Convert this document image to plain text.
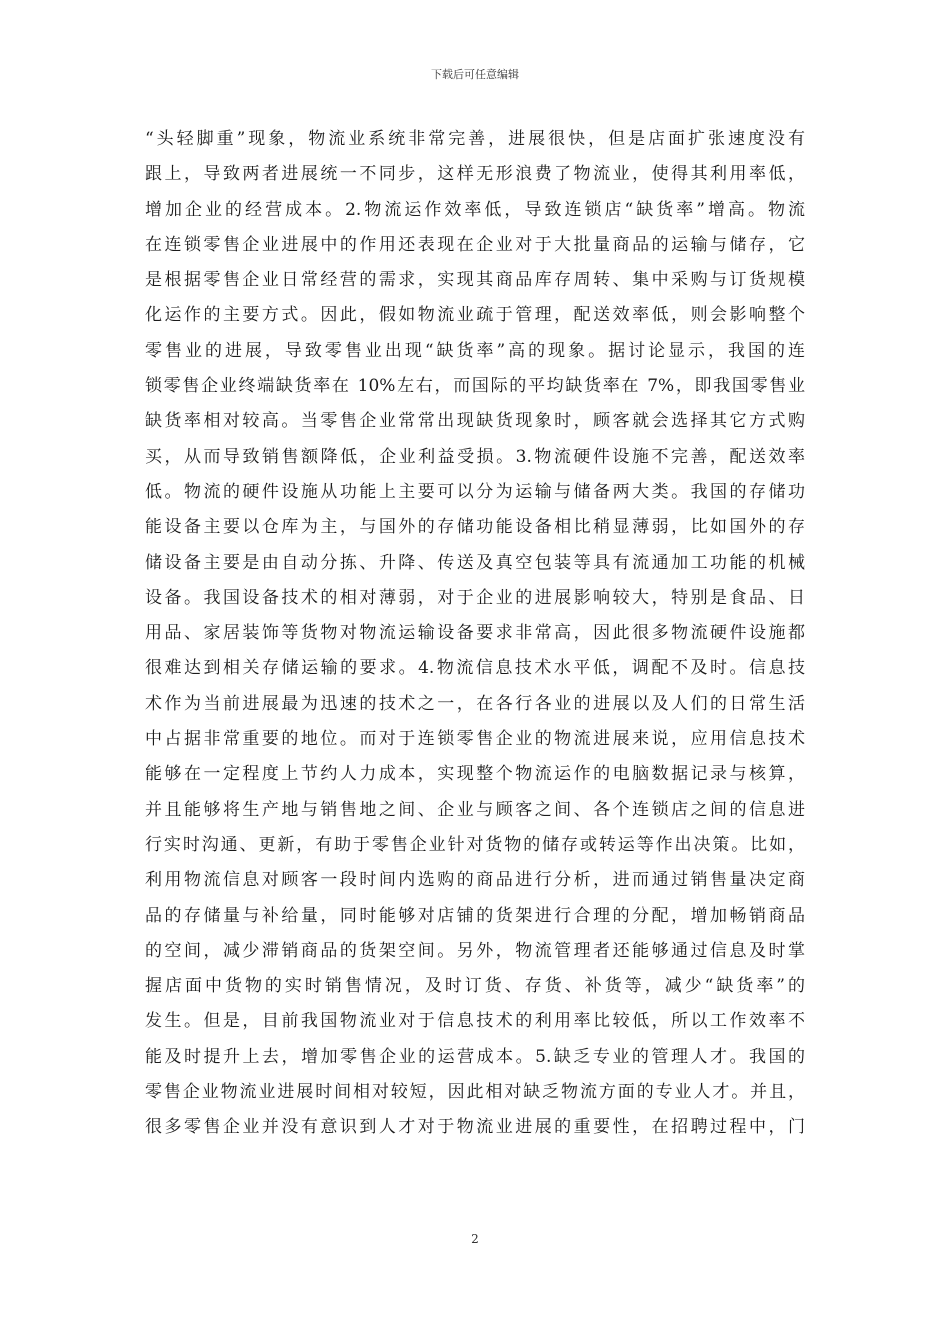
下载后可任意编辑
“头轻脚重”现象，物流业系统非常完善，进展很快，但是店面扩张速度没有
跟上，导致两者进展统一不同步，这样无形浪费了物流业，使得其利用率低，
增加企业的经营成本。2.物流运作效率低，导致连锁店“缺货率”增高。物流
在连锁零售企业进展中的作用还表现在企业对于大批量商品的运输与储存，它
是根据零售企业日常经营的需求，实现其商品库存周转、集中采购与订货规模
化运作的主要方式。因此，假如物流业疏于管理，配送效率低，则会影响整个
零售业的进展，导致零售业出现“缺货率”高的现象。据讨论显示，我国的连
锁零售企业终端缺货率在 10%左右，而国际的平均缺货率在 7%，即我国零售业
缺货率相对较高。当零售企业常常出现缺货现象时，顾客就会选择其它方式购
买，从而导致销售额降低，企业利益受损。3.物流硬件设施不完善，配送效率
低。物流的硬件设施从功能上主要可以分为运输与储备两大类。我国的存储功
能设备主要以仓库为主，与国外的存储功能设备相比稍显薄弱，比如国外的存
储设备主要是由自动分拣、升降、传送及真空包装等具有流通加工功能的机械
设备。我国设备技术的相对薄弱，对于企业的进展影响较大，特别是食品、日
用品、家居装饰等货物对物流运输设备要求非常高，因此很多物流硬件设施都
很难达到相关存储运输的要求。4.物流信息技术水平低，调配不及时。信息技
术作为当前进展最为迅速的技术之一，在各行各业的进展以及人们的日常生活
中占据非常重要的地位。而对于连锁零售企业的物流进展来说，应用信息技术
能够在一定程度上节约人力成本，实现整个物流运作的电脑数据记录与核算，
并且能够将生产地与销售地之间、企业与顾客之间、各个连锁店之间的信息进
行实时沟通、更新，有助于零售企业针对货物的储存或转运等作出决策。比如，
利用物流信息对顾客一段时间内选购的商品进行分析，进而通过销售量决定商
品的存储量与补给量，同时能够对店铺的货架进行合理的分配，增加畅销商品
的空间，减少滞销商品的货架空间。另外，物流管理者还能够通过信息及时掌
握店面中货物的实时销售情况，及时订货、存货、补货等，减少“缺货率”的
发生。但是，目前我国物流业对于信息技术的利用率比较低，所以工作效率不
能及时提升上去，增加零售企业的运营成本。5.缺乏专业的管理人才。我国的
零售企业物流业进展时间相对较短，因此相对缺乏物流方面的专业人才。并且，
很多零售企业并没有意识到人才对于物流业进展的重要性，在招聘过程中，门
2
